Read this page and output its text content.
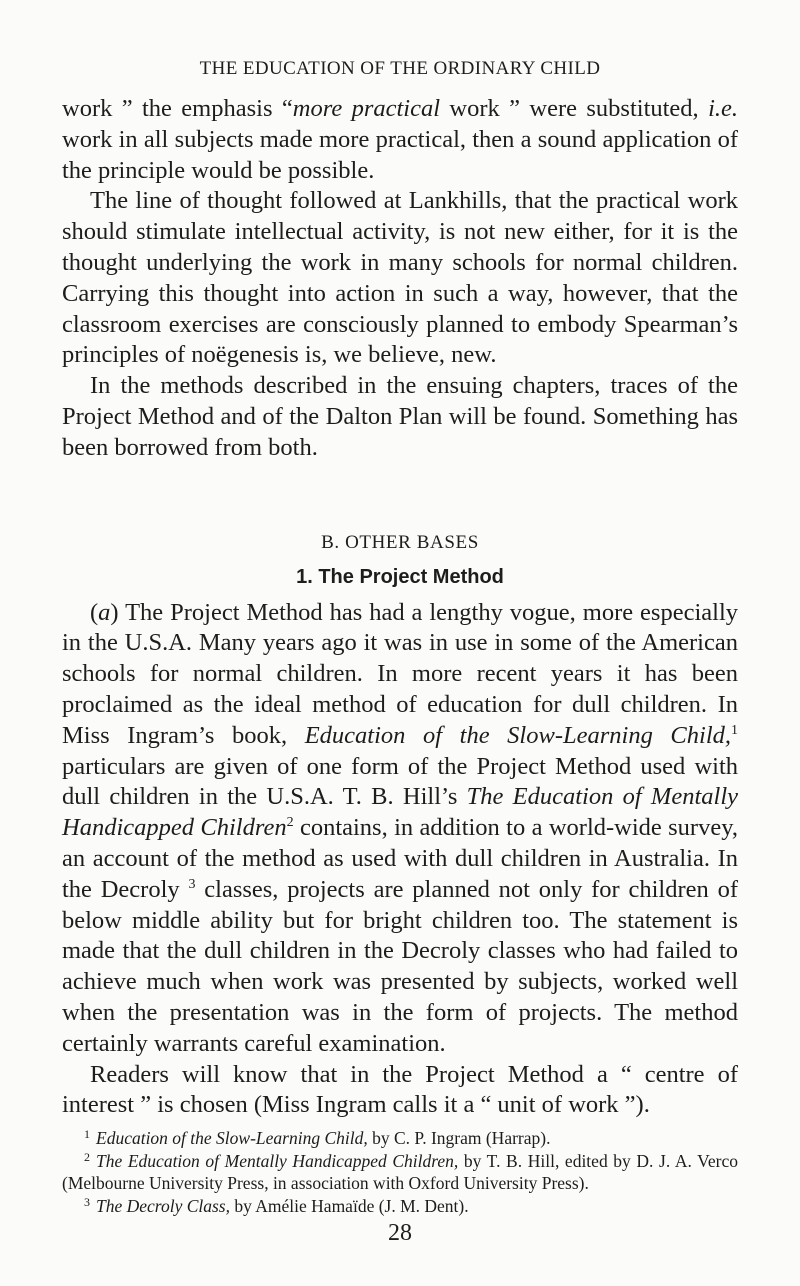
THE EDUCATION OF THE ORDINARY CHILD

work ” the emphasis “more practical work ” were substituted, i.e. work in all subjects made more practical, then a sound application of the principle would be possible.

The line of thought followed at Lankhills, that the practical work should stimulate intellectual activity, is not new either, for it is the thought underlying the work in many schools for normal children. Carrying this thought into action in such a way, however, that the classroom exercises are consciously planned to embody Spearman’s principles of noëgenesis is, we believe, new.

In the methods described in the ensuing chapters, traces of the Project Method and of the Dalton Plan will be found. Something has been borrowed from both.

B. OTHER BASES
1. The Project Method

(a) The Project Method has had a lengthy vogue, more especially in the U.S.A. Many years ago it was in use in some of the American schools for normal children. In more recent years it has been proclaimed as the ideal method of education for dull children. In Miss Ingram’s book, Education of the Slow-Learning Child,$^1$ particulars are given of one form of the Project Method used with dull children in the U.S.A. T. B. Hill’s The Education of Mentally Handicapped Children$^2$ contains, in addition to a world-wide survey, an account of the method as used with dull children in Australia. In the Decroly $^3$ classes, projects are planned not only for children of below middle ability but for bright children too. The statement is made that the dull children in the Decroly classes who had failed to achieve much when work was presented by subjects, worked well when the presentation was in the form of projects. The method certainly warrants careful examination.

Readers will know that in the Project Method a “ centre of interest ” is chosen (Miss Ingram calls it a “ unit of work ”).

$^1$ Education of the Slow-Learning Child, by C. P. Ingram (Harrap).

$^2$ The Education of Mentally Handicapped Children, by T. B. Hill, edited by D. J. A. Verco (Melbourne University Press, in association with Oxford University Press).

$^3$ The Decroly Class, by Amélie Hamaïde (J. M. Dent).

28
